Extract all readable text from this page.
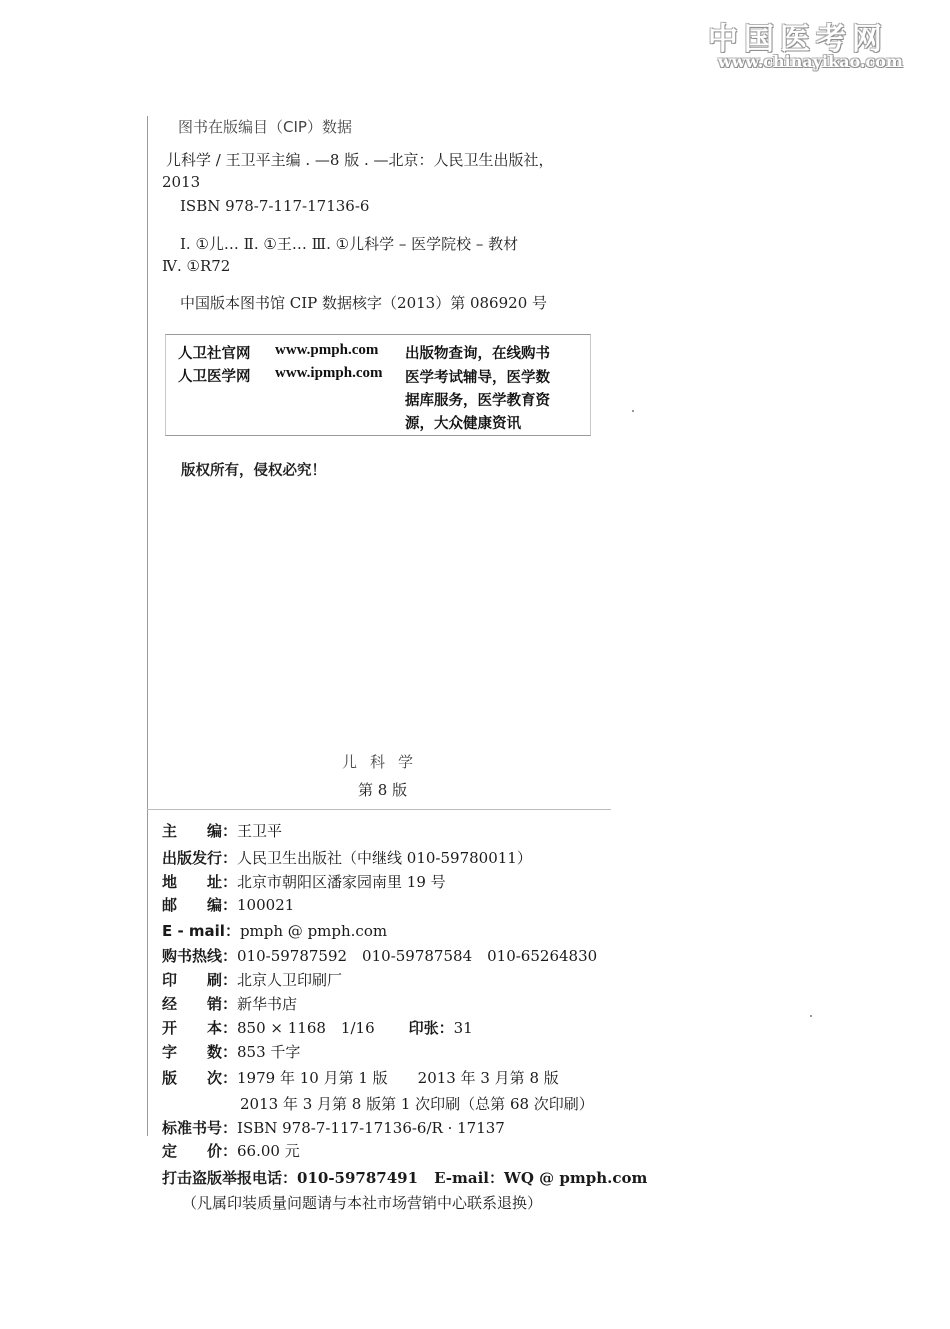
中国医考网
www.chinayikao.com
图书在版编目（CIP）数据
儿科学 / 王卫平主编 . —8 版 . —北京：人民卫生出版社，
2013
ISBN 978-7-117-17136-6
Ⅰ. ①儿… Ⅱ. ①王… Ⅲ. ①儿科学 – 医学院校 – 教材
Ⅳ. ①R72
中国版本图书馆 CIP 数据核字（2013）第 086920 号
人卫社官网 www.pmph.com
人卫医学网 www.ipmph.com
出版物查询，在线购书
医学考试辅导，医学数
据库服务，医学教育资
源，大众健康资讯
版权所有，侵权必究！
儿科学
第 8 版
主　　编：王卫平
出版发行：人民卫生出版社（中继线 010-59780011）
地　　址：北京市朝阳区潘家园南里 19 号
邮　　编：100021
E - mail：pmph @ pmph.com
购书热线：010-59787592　010-59787584　010-65264830
印　　刷：北京人卫印刷厂
经　　销：新华书店
开　　本：850 × 1168　1/16 印张：31
字　　数：853 千字
版　　次：1979 年 10 月第 1 版　　2013 年 3 月第 8 版
2013 年 3 月第 8 版第 1 次印刷（总第 68 次印刷）
标准书号：ISBN 978-7-117-17136-6/R · 17137
定　　价：66.00 元
打击盗版举报电话：010-59787491 E-mail：WQ @ pmph.com
（凡属印装质量问题请与本社市场营销中心联系退换）
